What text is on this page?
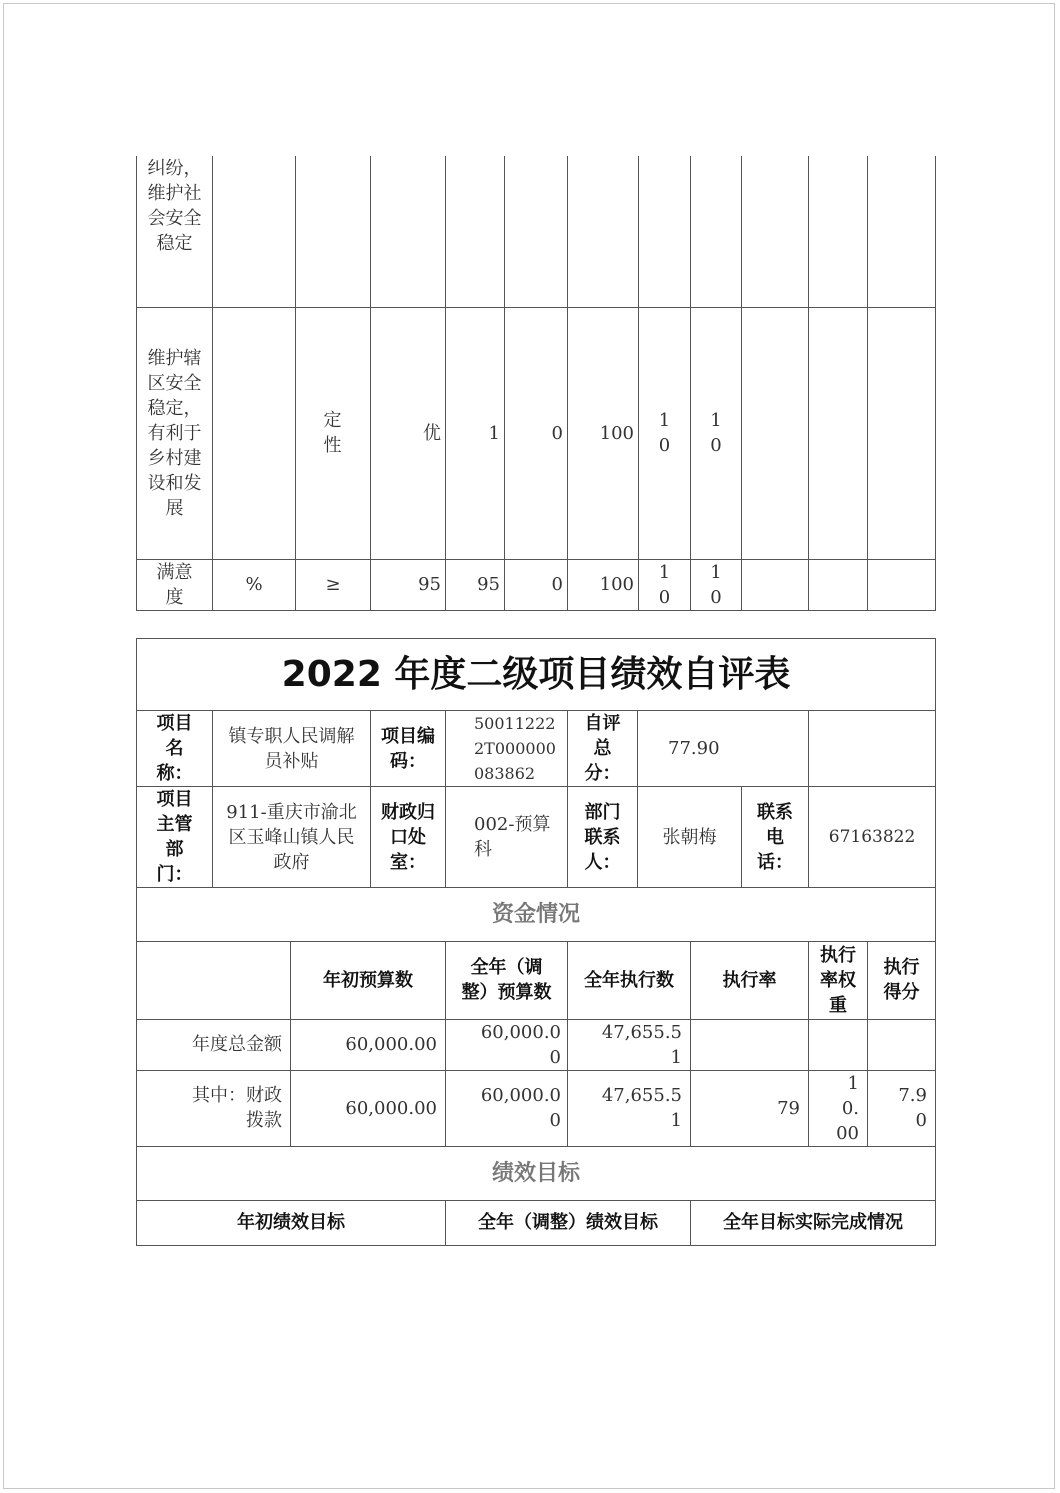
纠纷，维护社会安全稳定											
维护辖区安全稳定，有利于乡村建设和发展		定性	优	1	0	100	10	10			
满意度	%	≥	95	95	0	100	10	10			
2022 年度二级项目绩效自评表							
项目名称：	镇专职人民调解员补贴	项目编码：	500112222T000000083862	自评总分：	77.90		
项目主管部门：	911-重庆市渝北区玉峰山镇人民政府	财政归口处室：	002-预算科	部门联系人：	张朝梅	联系电话：	67163822
资金情况							
	年初预算数	全年（调整）预算数	全年执行数	执行率	执行率权重	执行得分
年度总金额	60,000.00	60,000.00	47,655.51			
其中：财政拨款	60,000.00	60,000.00	47,655.51	79	10.00	7.90
绩效目标						
年初绩效目标	全年（调整）绩效目标	全年目标实际完成情况
